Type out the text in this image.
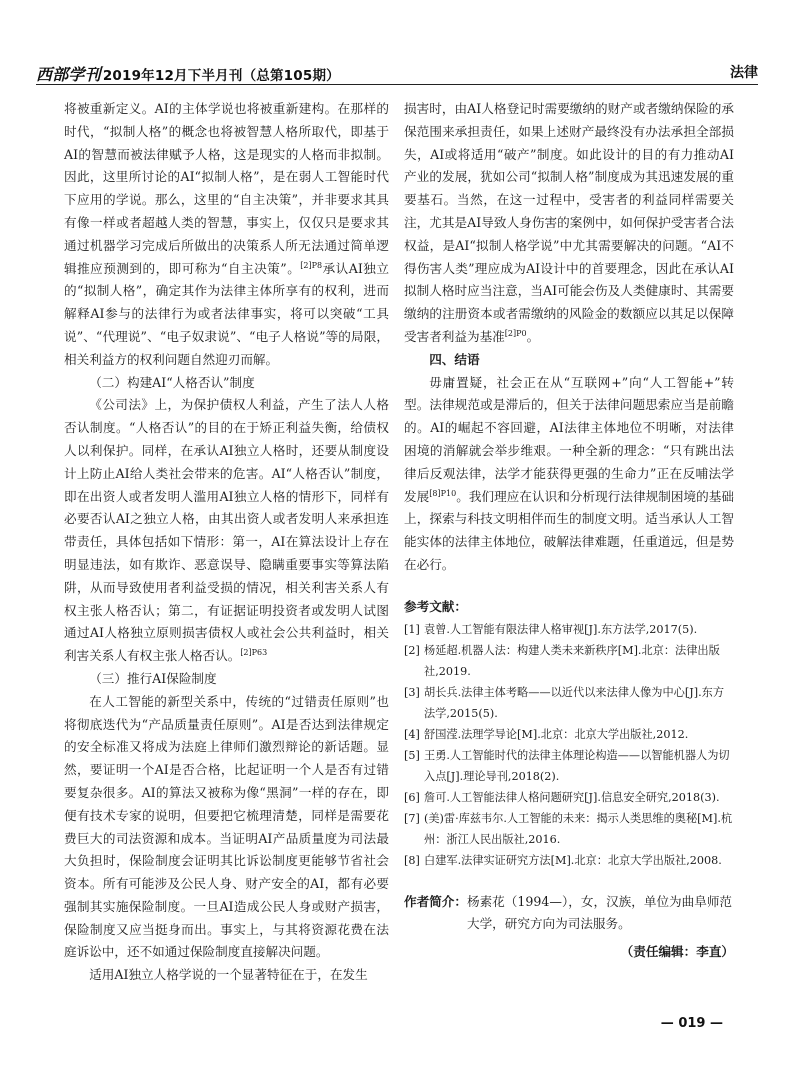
西部学刊 2019年12月下半月刊（总第105期）	法律

将被重新定义。AI的主体学说也将被重新建构。在那样的时代，“拟制人格”的概念也将被智慧人格所取代，即基于AI的智慧而被法律赋予人格，这是现实的人格而非拟制。因此，这里所讨论的AI“拟制人格”，是在弱人工智能时代下应用的学说。那么，这里的“自主决策”，并非要求其具有像一样或者超越人类的智慧，事实上，仅仅只是要求其通过机器学习完成后所做出的决策系人所无法通过简单逻辑推应预测到的，即可称为“自主决策”。$^{[2]P8}$承认AI独立的“拟制人格”，确定其作为法律主体所享有的权利，进而解释AI参与的法律行为或者法律事实，将可以突破“工具说”、“代理说”、“电子奴隶说”、“电子人格说”等的局限，相关利益方的权利问题自然迎刃而解。

（二）构建AI“人格否认”制度

《公司法》上，为保护债权人利益，产生了法人人格否认制度。“人格否认”的目的在于矫正利益失衡，给债权人以利保护。同样，在承认AI独立人格时，还要从制度设计上防止AI给人类社会带来的危害。AI“人格否认”制度，即在出资人或者发明人滥用AI独立人格的情形下，同样有必要否认AI之独立人格，由其出资人或者发明人来承担连带责任，具体包括如下情形：第一，AI在算法设计上存在明显违法，如有欺诈、恶意误导、隐瞒重要事实等算法陷阱，从而导致使用者利益受损的情况，相关利害关系人有权主张人格否认；第二，有证据证明投资者或发明人试图通过AI人格独立原则损害债权人或社会公共利益时，相关利害关系人有权主张人格否认。$^{[2]P63}$

（三）推行AI保险制度

在人工智能的新型关系中，传统的“过错责任原则”也将彻底迭代为“产品质量责任原则”。AI是否达到法律规定的安全标准又将成为法庭上律师们激烈辩论的新话题。显然，要证明一个AI是否合格，比起证明一个人是否有过错要复杂很多。AI的算法又被称为像“黑洞”一样的存在，即便有技术专家的说明，但要把它梳理清楚，同样是需要花费巨大的司法资源和成本。当证明AI产品质量度为司法最大负担时，保险制度会证明其比诉讼制度更能够节省社会资本。所有可能涉及公民人身、财产安全的AI，都有必要强制其实施保险制度。一旦AI造成公民人身或财产损害，保险制度又应当挺身而出。事实上，与其将资源花费在法庭诉讼中，还不如通过保险制度直接解决问题。

适用AI独立人格学说的一个显著特征在于，在发生

损害时，由AI人格登记时需要缴纳的财产或者缴纳保险的承保范围来承担责任，如果上述财产最终没有办法承担全部损失，AI或将适用“破产”制度。如此设计的目的有力推动AI产业的发展，犹如公司“拟制人格”制度成为其迅速发展的重要基石。当然，在这一过程中，受害者的利益同样需要关注，尤其是AI导致人身伤害的案例中，如何保护受害者合法权益，是AI“拟制人格学说”中尤其需要解决的问题。“AI不得伤害人类”理应成为AI设计中的首要理念，因此在承认AI拟制人格时应当注意，当AI可能会伤及人类健康时、其需要缴纳的注册资本或者需缴纳的风险金的数额应以其足以保障受害者利益为基准$^{[2]P0}$。

四、结语

毋庸置疑，社会正在从“互联网+”向“人工智能+”转型。法律规范或是滞后的，但关于法律问题思索应当是前瞻的。AI的崛起不容回避，AI法律主体地位不明晰，对法律困境的消解就会举步维艰。一种全新的理念：“只有跳出法律后反观法律，法学才能获得更强的生命力”正在反哺法学发展$^{[8]P10}$。我们理应在认识和分析现行法律规制困境的基础上，探索与科技文明相伴而生的制度文明。适当承认人工智能实体的法律主体地位，破解法律难题，任重道远，但是势在必行。

参考文献：
[1] 袁曾.人工智能有限法律人格审视[J].东方法学,2017(5).
[2] 杨延超.机器人法：构建人类未来新秩序[M].北京：法律出版社,2019.
[3] 胡长兵.法律主体考略——以近代以来法律人像为中心[J].东方法学,2015(5).
[4] 舒国滢.法理学导论[M].北京：北京大学出版社,2012.
[5] 王勇.人工智能时代的法律主体理论构造——以智能机器人为切入点[J].理论导刊,2018(2).
[6] 詹可.人工智能法律人格问题研究[J].信息安全研究,2018(3).
[7] (美)雷·库兹韦尔.人工智能的未来：揭示人类思维的奥秘[M].杭州：浙江人民出版社,2016.
[8] 白建军.法律实证研究方法[M].北京：北京大学出版社,2008.
作者简介： 杨素花（1994—），女，汉族，单位为曲阜师范大学，研究方向为司法服务。
（责任编辑：李直）
— 019 —
